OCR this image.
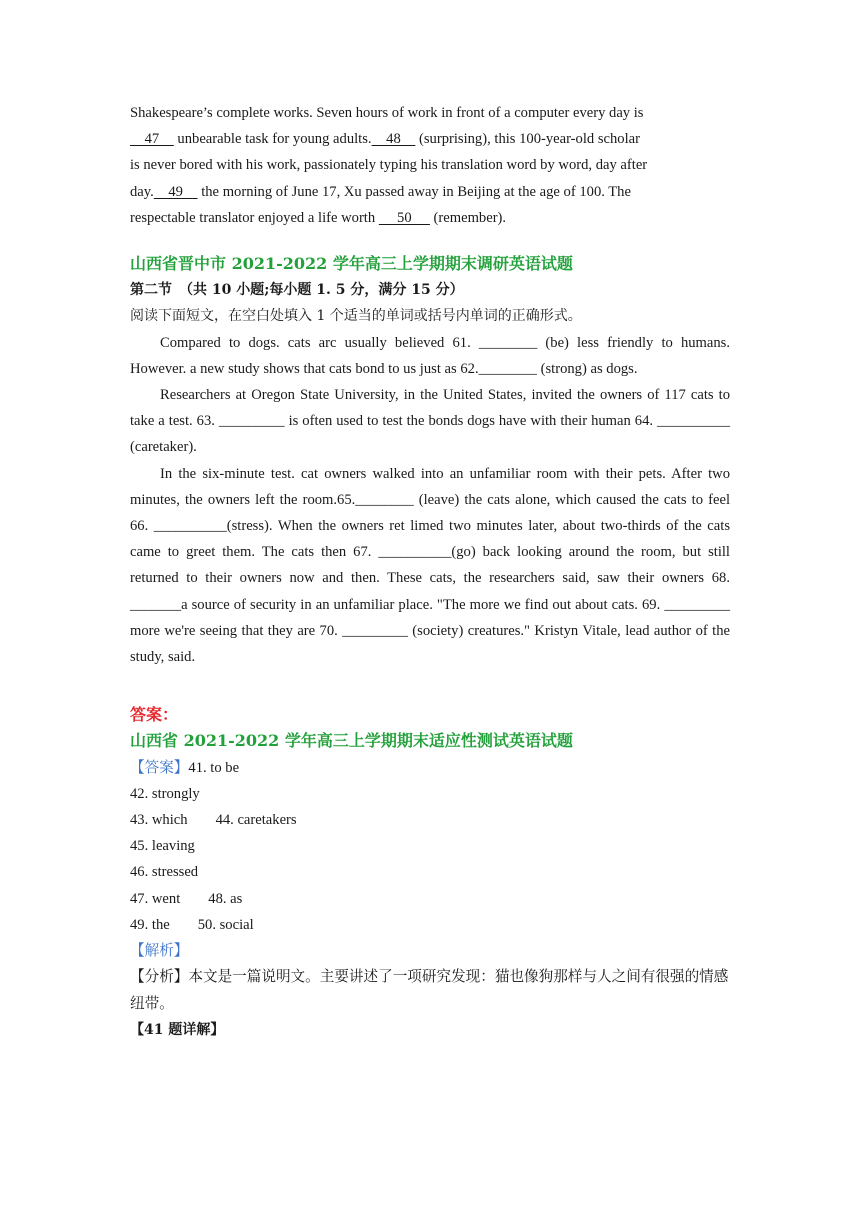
Shakespeare’s complete works. Seven hours of work in front of a computer every day is

47     unbearable task for young adults.    48     (surprising), this 100-year-old scholar

is never bored with his work, passionately typing his translation word by word, day after

day.    49     the morning of June 17, Xu passed away in Beijing at the age of 100. The

respectable translator enjoyed a life worth      50      (remember).

山西省晋中市 2021-2022 学年高三上学期期末调研英语试题

第二节　（共 10 小题;每小题 1. 5 分，满分 15 分）

阅读下面短文，在空白处填入 1 个适当的单词或括号内单词的正确形式。

Compared to dogs. cats arc usually believed 61. ________ (be) less friendly to humans. However. a new study shows that cats bond to us just as 62.________ (strong) as dogs.

Researchers at Oregon State University, in the United States, invited the owners of 117 cats to take a test. 63. _________ is often used to test the bonds dogs have with their human 64. __________ (caretaker).

In the six-minute test. cat owners walked into an unfamiliar room with their pets. After two minutes, the owners left the room.65.________ (leave) the cats alone, which caused the cats to feel 66. __________(stress). When the owners ret limed two minutes later, about two-thirds of the cats came to greet them. The cats then 67. __________(go) back looking around the room, but still returned to their owners now and then. These cats, the researchers said, saw their owners 68. _______a source of security in an unfamiliar place. "The more we find out about cats. 69. _________ more we're seeing that they are 70. _________ (society) creatures." Kristyn Vitale, lead author of the study, said.

答案：

山西省 2021-2022 学年高三上学期期末适应性测试英语试题

【答案】41. to be

42. strongly

43. which 44. caretakers

45. leaving

46. stressed

47. went 48. as

49. the 50. social

【解析】

【分析】本文是一篇说明文。主要讲述了一项研究发现：猫也像狗那样与人之间有很强的情感纽带。

【41 题详解】
